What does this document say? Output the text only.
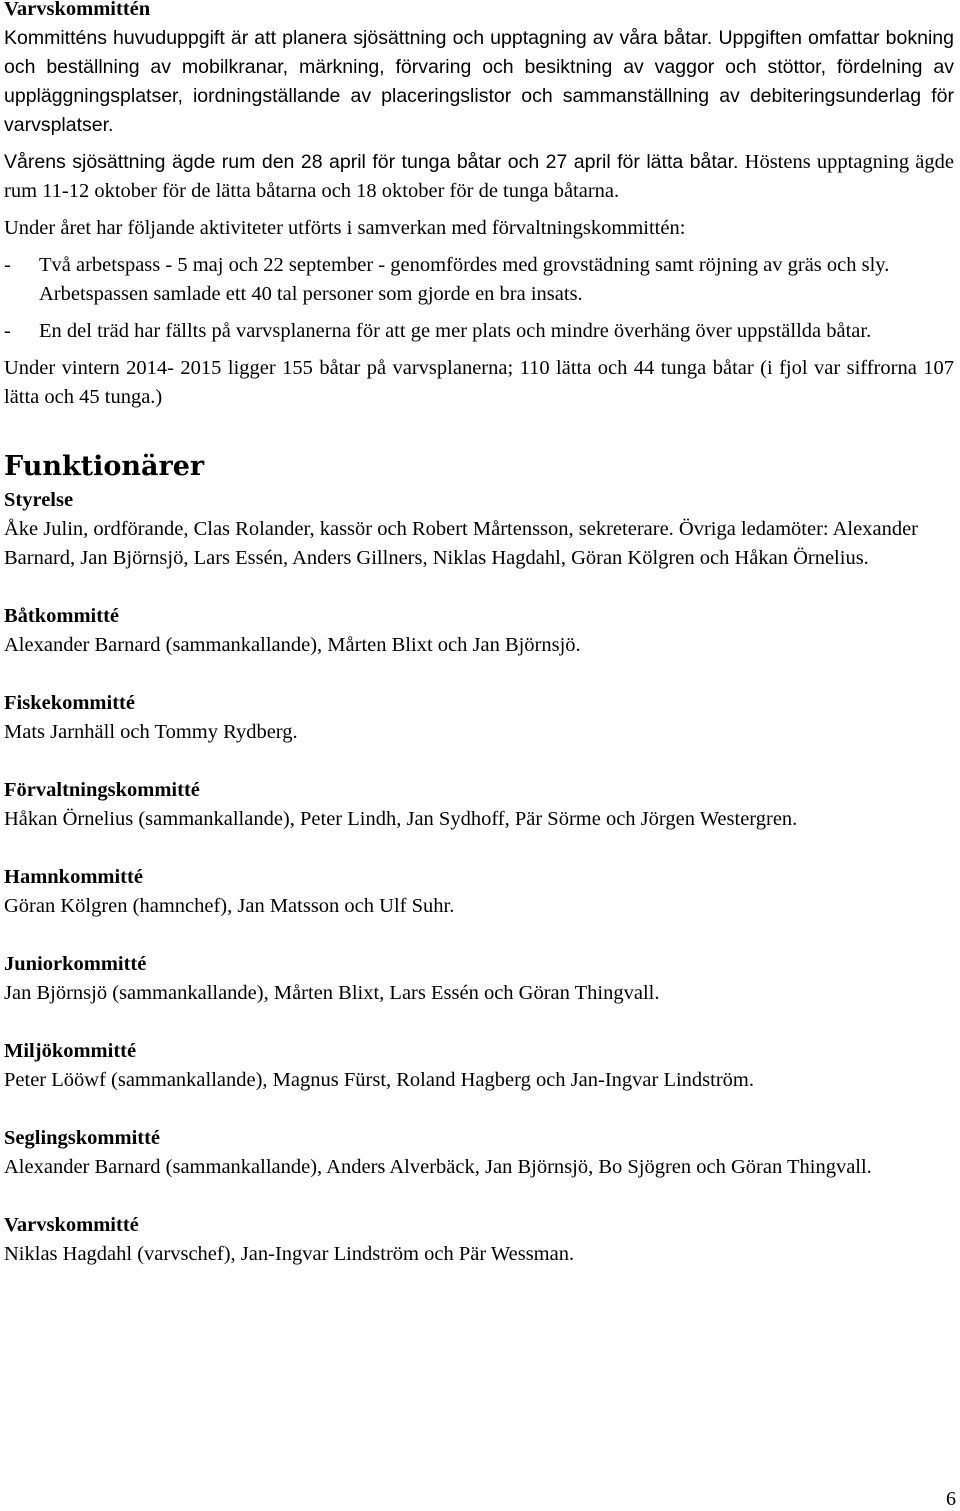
Varvskommittén

Kommitténs huvuduppgift är att planera sjösättning och upptagning av våra båtar. Uppgiften omfattar bokning och beställning av mobilkranar, märkning, förvaring och besiktning av vaggor och stöttor, fördelning av uppläggningsplatser, iordningställande av placeringslistor och sammanställning av debiteringsunderlag för varvsplatser.

Vårens sjösättning ägde rum den 28 april för tunga båtar och 27 april för lätta båtar. Höstens upptagning ägde rum 11-12 oktober för de lätta båtarna och 18 oktober för de tunga båtarna.

Under året har följande aktiviteter utförts i samverkan med förvaltningskommittén:

- Två arbetspass - 5 maj och 22 september - genomfördes med grovstädning samt röjning av gräs och sly. Arbetspassen samlade ett 40 tal personer som gjorde en bra insats.
- En del träd har fällts på varvsplanerna för att ge mer plats och mindre överhäng över uppställda båtar.

Under vintern 2014- 2015 ligger 155 båtar på varvsplanerna; 110 lätta och 44 tunga båtar (i fjol var siffrorna 107 lätta och 45 tunga.)

Funktionärer
Styrelse
Åke Julin, ordförande, Clas Rolander, kassör och Robert Mårtensson, sekreterare. Övriga ledamöter: Alexander Barnard, Jan Björnsjö, Lars Essén, Anders Gillners, Niklas Hagdahl, Göran Kölgren och Håkan Örnelius.
Båtkommitté
Alexander Barnard (sammankallande), Mårten Blixt och Jan Björnsjö.
Fiskekommitté
Mats Jarnhäll och Tommy Rydberg.
Förvaltningskommitté
Håkan Örnelius (sammankallande), Peter Lindh, Jan Sydhoff, Pär Sörme och Jörgen Westergren.
Hamnkommitté
Göran Kölgren (hamnchef), Jan Matsson och Ulf Suhr.
Juniorkommitté
Jan Björnsjö (sammankallande), Mårten Blixt, Lars Essén och Göran Thingvall.
Miljökommitté
Peter Lööwf (sammankallande), Magnus Fürst, Roland Hagberg och Jan-Ingvar Lindström.
Seglingskommitté
Alexander Barnard (sammankallande), Anders Alverbäck, Jan Björnsjö, Bo Sjögren och Göran Thingvall.
Varvskommitté
Niklas Hagdahl (varvschef), Jan-Ingvar Lindström och Pär Wessman.
6
